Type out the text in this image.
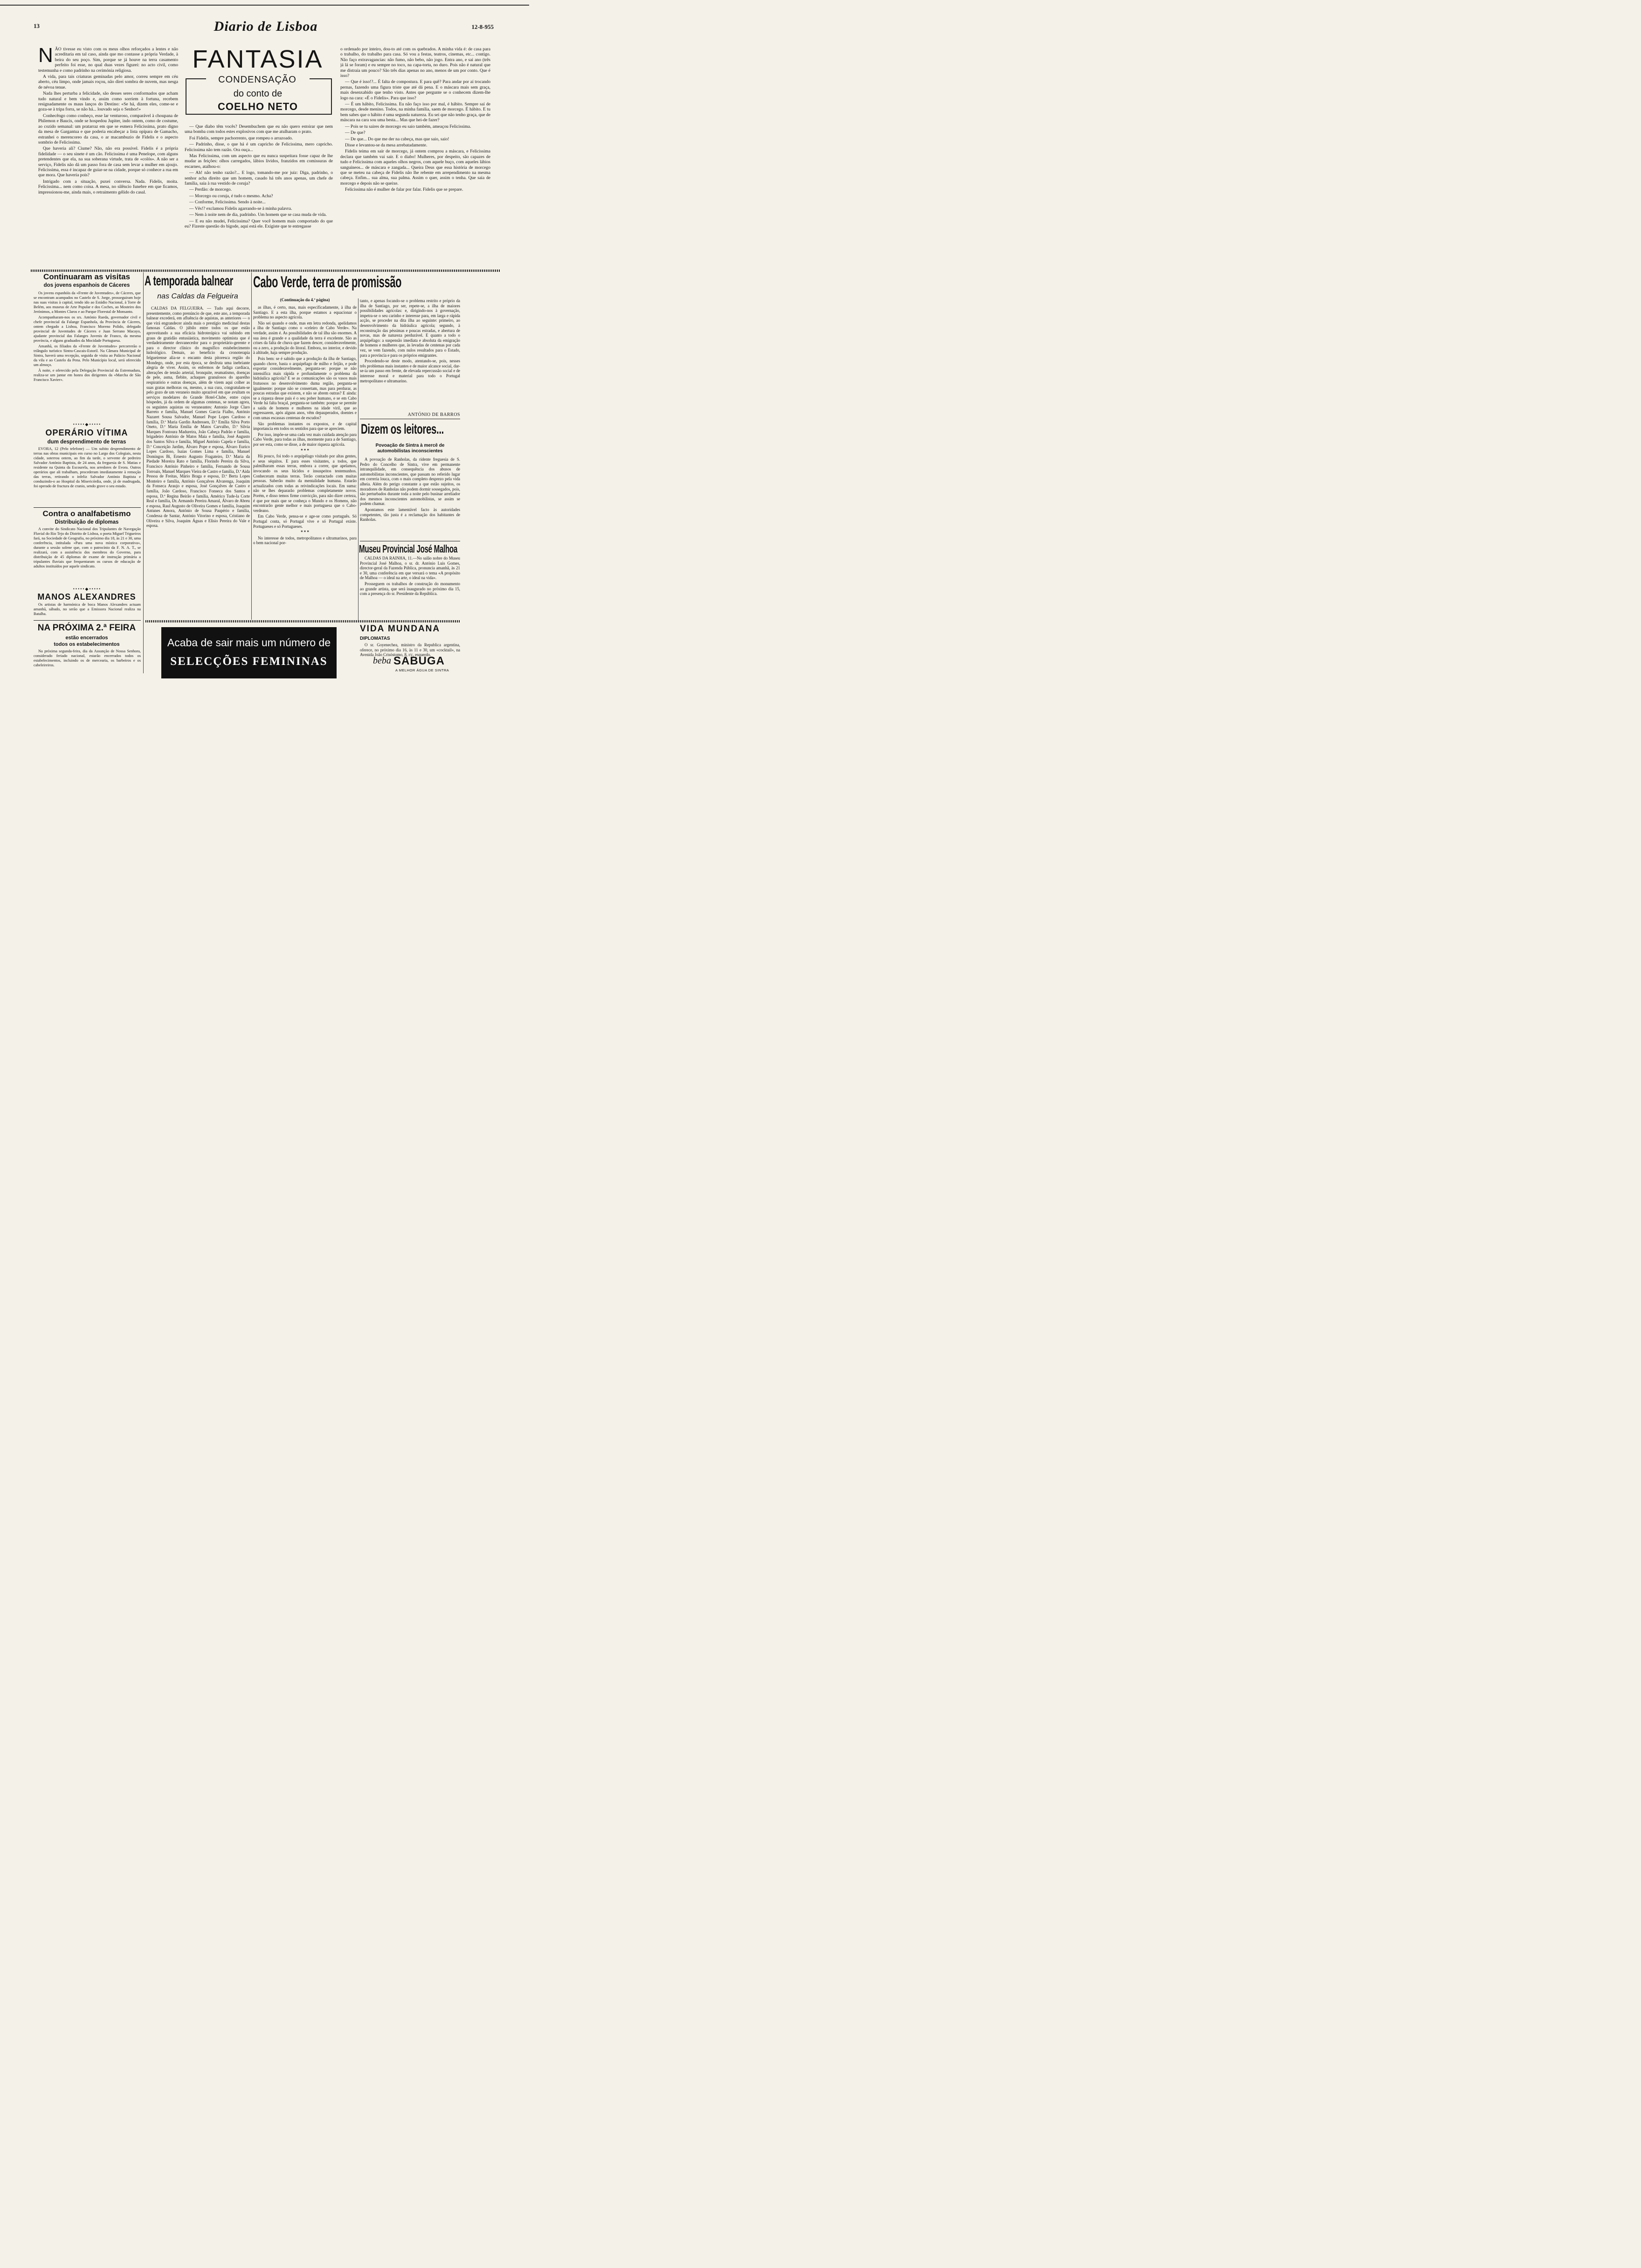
13	Diario de Lisboa	12-8-955
FANTASIA
CONDENSAÇÃO
do conto de
COELHO NETO
N ÃO tivesse eu visto com os meus olhos reforçados a lentes e não acreditaria em tal caso, ainda que mo contasse a própria Verdade, à beira do seu poço. Sim, porque se já houve na terra casamento perfeito foi esse, no qual duas vezes figurei: no acto civil, como testemunha e como padrinho na cerimónia religiosa.

A vida, para tais criaturas geminadas pelo amor, correu sempre em céu aberto, céu limpo, onde jamais roçou, não direi sombra de nuvem, mas nesga de névoa tenue.

Nada lhes perturba a felicidade, são desses seres conformados que acham tudo natural e bem vindo e, assim como sorriem à fortuna, recebem resignadamente os maus lanços do Destino: «Se há, dizem eles, come-se e goza-se à tripa forra, se não há... louvado seja o Senhor!»

Conhecêngo como conheço, esse lar venturoso, comparável à choupana de Philemon e Baucis, onde se hospedou Jupiter, indo ontem, como de costume, ao cozido semanal: um pratarraz em que se esmera Felicissima, prato digno da mesa de Gargantua e que poderia encabeçar a lista opípara de Gamacho, estranhei o merencoreo da casa, o ar macambuzio de Fidelis e o aspecto sombrio de Felicissima.

Que haveria ali? Ciume? Não, não era possível. Fidelis é a própria fidelidade — o seu sinete é um cão. Felicissima é uma Penelope, com alguns pretendentes que ela, na sua soberana virtude, trata de «colós». A não ser a serviço, Fidelis não dá um passo fora de casa sem levar a mulher em ajoujo. Felicissima, essa é incapaz de guiar-se na cidade, porque só conhece a rua em que mora. Que haveria pois?

Intrigado com a situação, puxei conversa. Nada. Fidelis, moita. Felicissima... nem como coisa. A mesa, no silêncio funebre em que ficamos, impressionou-me, ainda mais, o retraimento gélido do casal.

— Que diabo têm vocês? Desembuchem que eu não quero estoirar que nem uma bomba com todos estes explosivos com que me atulharam o prato.

Foi Fidelis, sempre pachorrento, que rompeu o arrazoado.

— Padrinho, disse, o que há é um capricho de Felicissima, mero capricho. Felicissima não tem razão. Ora ouça...

Mas Felicissima, com um aspecto que eu nunca suspeitara fosse capaz de lhe mudar as feições: olhos carregados, lábios lívidos, franzidos em comissuras de escarneo, atalhou-o:

— Ah! não tenho razão?... E logo, tomando-me por juiz: Diga, padrinho, o senhor acha direito que um homem, casado há três anos apenas, um chefe de família, saia à rua vestido de coruja?

— Perdão: de morcego.

— Morcego ou coruja, é tudo o mesmo. Acha?

— Conforme, Felicissima. Sendo à noite...

— Vês!? exclamou Fidelis agarrando-se à minha palavra.

— Nem à noite nem de dia, padrinho. Um homem que se casa muda de vida.

— E eu não mudei, Felicissima? Quer você homem mais comportado do que eu? Fizeste questão do bigode, aqui está ele. Exigiste que te entregasse

o ordenado por inteiro, dou-to até com os quebrados. A minha vida é: de casa para o trabalho, do trabalho para casa. Só vou a festas, teatros, cinemas, etc... contigo. Não faço extravagancias: não fumo, não bebo, não jogo. Entra ano, e sai ano (três já lá se foram) e eu sempre no toco, na capa-torta, no duro. Pois não é natural que me distraia um pouco? São três dias apenas no ano, menos de um por conto. Que é isso?

— Que é isso!?... É falta de compostura. E para quê? Para andar por aí trocando pernas, fazendo uma figura triste que até dá pena. E o máscara mais sem graça, mais desenxabido que tenho visto. Antes que pergunte se o conhecem dizem-lhe logo na cara: «É o Fidelis». Para que isso?

— É um hábito, Felicissima. Eu não faço isso por mal, é hábito. Sempre saí de morcego, desde menino. Todos, na minha família, saem de morcego. É hábito. E tu bem sabes que o hábito é uma segunda natureza. Eu sei que não tenho graça, que de máscara na cara sou uma besta... Mas que hei-de fazer?

— Pois se tu saires de morcego eu saio também, ameaçou Felicissima.

— De que?

— De que... Do que me der na cabeça, mas que saio, saio!

Disse e levantou-se da mesa arrebatadamente.

Fidelis teima em sair de morcego, já ontem comprou a máscara, e Felicissima declara que também vai sair. E o diabo! Mulheres, por despeito, são capazes de tudo e Felicissima com aqueles olhos negros, com aquele buço, com aqueles lábios sanguíneos... de máscara e zangada... Queira Deus que essa história de morcego que se meteu na cabeça de Fidelis não lhe rebente em arrependimento na mesma cabeça. Enfim... sua alma, sua palma. Assim o quer, assim o tenha. Que saia de morcego e depois não se queixe.

Felicissima não é mulher de falar por falar. Fidelis que se prepare.

Continuaram as visitas
dos jovens espanhois de Cáceres

Os jovens espanhóis da «Frente de Juventudes», de Cáceres, que se encontram acampados no Castelo de S. Jorge, prosseguiram hoje nas suas visitas à capital, tendo ido ao Estádio Nacional, à Torre de Belém, aos museus de Arte Popular e dos Coches, ao Mosteiro dos Jerónimos, a Montes Claros e ao Parque Florestal de Monsanto.

Acompanharam-nos os srs. António Rueda, governador civil e chefe provincial da Falange Espanhola, da Província de Cáceres, ontem chegado a Lisboa, Francisco Moreno Polido, delegado provincial de Juventudes de Cáceres e Juan Serrano Macayo, ajudante provincial das Falanges Juvenis de Franco, da mesma província, e alguns graduados da Mocidade Portuguesa.

Amanhã, os filiados da «Frente de Juventudes» percorrerão o triângulo turístico Sintra-Cascais-Estoril. Na Câmara Municipal de Sintra, haverá uma recepção, seguida de visita ao Palácio Nacional da vila e ao Castelo da Pena. Pelo Município local, será oferecido um almoço.

À noite, e oferecido pela Delegação Provincial da Estremadura, realiza-se um jantar em honra dos dirigentes da «Marcha de São Francisco Xavier».

•••••◆•••••
OPERÁRIO VÍTIMA
dum desprendimento de terras

EVORA, 12 (Pelo telefone) — Um subito desprendimento de terras nas obras municipais em curso no Largo dos Colegiais, nesta cidade, soterrou ontem, ao fim da tarde, o servente de pedreiro Salvador António Baptista, de 24 anos, da freguesia de S. Matias e residente na Quinta da Escourela, nos arredores de Evora. Outros operários que ali trabalham, procederam imediatamente à remoção das terras, retirando o infeliz Salvador António Baptista e conduzindo-o ao Hospital da Misericórdia, onde, já de madrugada, foi operado de fractura de cranio, sendo grave o seu estado.

Contra o analfabetismo
Distribuição de diplomas

A convite do Sindicato Nacional dos Tripulantes de Navegação Fluvial do Rio Tejo do Distrito de Lisboa, o poeta Miguel Trigueiros fará, na Sociedade de Geografia, no próximo dia 18, às 21 e 30, uma conferência, intitulada «Para uma nova mística corporativa», durante a sessão solene que, com o patrocínio da F. N. A. T., se realizará, com a assistência dos membros do Governo, para distribuição de 45 diplomas de exame de instrução primária a tripulantes fluviais que frequentaram os cursos de educação de adultos instituídos por aquele sindicato.

•••••◆•••••
MANOS ALEXANDRES

Os artistas de harmónica de boca Manos Alexandres actuam amanhã, sábado, no serão que a Emissora Nacional realiza na Batalha.

NA PRÓXIMA 2.ª FEIRA
estão encerrados
todos os estabelecimentos

Na próxima segunda-feira, dia da Assunção de Nossa Senhora, considerado feriado nacional, estarão encerrados todos os estabelecimentos, incluindo os de mercearia, os barbeiros e os cabeleireiros.

A temporada balnear
nas Caldas da Felgueira

CALDAS DA FELGUEIRA. — Tudo aqui decorre, presentemente, como prenúncio de que, este ano, a temporada balnear excederá, em afluência de aquistas, as anteriores — o que virá engrandecer ainda mais o prestígio medicinal destas famosas Caldas. O júbilo entre todos os que estão aproveitando a sua eficácia hidroterápica vai subindo em graus de gratidão entusiástica, movimento optimista que é verdadeiramente desvanecedor para o proprietário-gerente e para o director clínico do magnífico estabelecimento hidrológico. Demais, ao benefício da cronoterapia felgueirense alia-se o encanto desta pitoresca região do Mondego, onde, por esta época, se desfruta uma inebriante alegria de viver. Assim, os enfermos de fadiga cardíaca, alterações de tensão arterial, bronquite, reumatismo, doenças de pele, asma, flebite, achaques granulosos do aparelho respiratório e outras doenças, além de virem aqui colher as suas gratas melhoras ou, mesmo, a sua cura, congratulam-se pelo gozo de um veraneio muito aprazível em que avultam os serviços modelares do Grande Hotel-Clube, entre cujos hóspedes, já da ordem de algumas centenas, se notam agora, os seguintes aquistas ou veraneantes: Antonio Jorge Claro Barreto e família, Manuel Gomes Garcia Fialho, António Nazaret Sousa Salvador, Manuel Pope Lopes Cardoso e família, D.ª Maria Gardin Andressen, D.ª Emília Silva Porto Oneto, D.ª Maria Emília de Matos Carvalho, D.ª Silvia Marques Fontoura Madureira, João Cabeça Padrão e família, brigadeiro António de Matos Maia e família, José Augusto dos Santos Silva e família, Miguel António Capela e família, D.ª Conceição Jardim, Álvaro Pope e esposa, Álvaro Eurico Lopes Cardoso, Isaías Gomes Lima e família, Manuel Domingos Bi, Ernesto Augusto Fragateiro, D.ª Maria da Piedade Moreira Rato e família, Florindo Pereira da Silva, Francisco António Pinheiro e família, Fernando de Sousa Torroais, Manuel Marques Vieira de Castro e família, D.ª Aida Pessoa de Freitas, Mário Braga e esposa, D.ª Berta Lopes Monteiro e família, António Gonçalves Alvarenga, Joaquim da Fonseca Araujo e esposa, José Gonçalves de Castro e família, João Cardoso, Francisco Fonseca dos Santos e esposa, D.ª Regina Beirão e família, Américo Tude-la Corte Real e família, Dr. Armando Pereira Amaral, Álvaro de Abreu e esposa, Raul Augusto de Oliveira Gomes e família, Joaquim Antunes Amora, António de Sousa Paupério e família, Condessa de Santar, António Vitorino e esposa, Cristiano de Oliveira e Silva, Joaquim Águas e Elísio Pereira do Vale e esposa.

Cabo Verde, terra de promissão
(Continuação da 4.ª página)

as ilhas, é certo, mas, mais especificadamente, à ilha de Santiago. E a esta ilha, porque estamos a equacionar o problema no aspecto agrícola.

Não sei quando e onde, mas em letra redonda, apelidamos a ilha de Santiago como o «celeiro de Cabo Verde». Na verdade, assim é. As possibilidades de tal ilha são enormes. A sua área é grande e a qualidade da terra é excelente. São as crises da falta de chuva que fazem descer, consideravelmente, ou a zero, a produção do litoral. Embora, no interior, e devido à altitude, haja sempre produção.

Pois bem: se é sabido que a produção da ilha de Santiago, quando chove, basta o arquipélago de milho e feijão, e pode exportar consideravelmente, pergunta-se: porque se não intensifica mais rápida e profundamente o problema da hidráulica agrícola? E se as comunicações são os vasos mais frutuosos no desenvolvimento duma região, pergunta-se igualmente: porque não se consertam, mas para perdurar, as poucas estradas que existem, e não se abrem outras? E ainda: se a riqueza desse país é o seu pober humano, e se em Cabo Verde há falta braçal, pergunta-se também: porque se permite a saída de homens e mulheres na idade viril, que ao regressarem, após alguns anos, vêm depauperados, doentes e com umas escassas centenas de escudos?

São problemas instantes os expostos, e de capital importancia em todos os sentidos para que se apreciem.

Por isso, impõe-se uma cada vez mais cuidada atenção para Cabo Verde, para todas as ilhas, mormente para a de Santiago, por ser esta, como se disse, a de maior riqueza agrícola.

* * *

Há pouco, foi todo o arquipélago visitado por altas gentes, e seus séquitos. E para esses visitantes, a todos, que palmilharam essas terras, embora a correr, que apelamos, invocando os seus lúcidos e insuspeitos testemunhos. Conheceram muitas terras. Terão contactado com muitas pessoas. Saberão muito da mentalidade humana. Estarão actualizados com todas as reivindicações locais. Em suma: não se lhes depararão problemas completamente novos. Porém, e disso temos firme convicção, para não dizer certeza, é que por mais que se conheça o Mundo e os Homens, não encontrarão gente melhor e mais portuguesa que o Cabo-verdeano.

Em Cabo Verde, pensa-se e age-se como português. Só Portugal conta, só Portugal vive e só Portugal existe. Portugueses e só Portugueses.

* * *

No interesse de todos, metropolitanos e ultramarinos, para o bem nacional por-

tanto, e apenas focando-se o problema restrito e próprio da ilha de Santiago, por ser, repete-se, a ilha de maiores possibilidades agrícolas: e, dirigindo-nos à governação, impetra-se o seu carinho e interesse para, em larga e rápida acção, se proceder na dita ilha ao seguinte: primeiro, ao desenvolvimento da hidráulica agrícola; segundo, à reconstrução das péssimas e poucas estradas, e abertura de novas, mas de natureza perdurável. E quanto a todo o arquipélago: a suspensão imediata e absoluta da emigração de homens e mulheres que, às levadas de centenas por cada vez, se vem fazendo, com nulos resultados para o Estado, para a província e para os próprios emigrantes.

Procedendo-se deste modo, atentando-se, pois, nesses três problemas mais instantes e de maior alcance social, dar-se-ia um passo em frente, de elevada repercussão social e de interesse moral e material para todo o Portugal metropolitano e ultramarino.

ANTÓNIO DE BARROS
Dizem os leitores...
Povoação de Sintra à mercê de automobilistas inconscientes

A povoação de Ranholas, da ridente freguesia de S. Pedro do Concelho de Sintra, vive em permanente intranquilidade, em consequência dos abusos de automobilistas inconscientes, que passam no referido lugar em correria louca, com o mais completo desprezo pela vida alheia. Além do perigo constante a que estão sujeitos, os moradores de Ranholas não podem dormir sossegados, pois, são perturbados durante toda a noite pelo businar arreliador dos mesmos inconscientes automobilistas, se assim se podem chamar.

Apontamos este lamentável facto às autoridades competentes, tão justa é a reclamação dos habitantes de Ranholas.

Museu Provincial José Malhoa

CALDAS DA RAINHA, 11.—No salão nobre do Museu Provincial José Malhoa, o sr. dr. António Luis Gomes, director-geral da Fazenda Pública, pronuncia amanhã, às 21 e 30, uma conferência em que versará o tema «A propósito de Malhoa — o ideal na arte, o ideal na vida».

Prosseguem os trabalhos de construção do monumento ao grande artista, que será inaugurado no próximo dia 15, com a presença do sr. Presidente da República.

VIDA MUNDANA
DIPLOMATAS

O sr. Goyenechea, ministro da Republica argentina, oferece, no próximo dia 16, às 11 e 30, um «cocktail», na Avenida João Crisóstomo, 8, r/c, esquerdo.

Acaba de sair mais um número de
SELECÇÕES FEMININAS	beba SABUGA
A MELHOR ÁGUA DE SINTRA
